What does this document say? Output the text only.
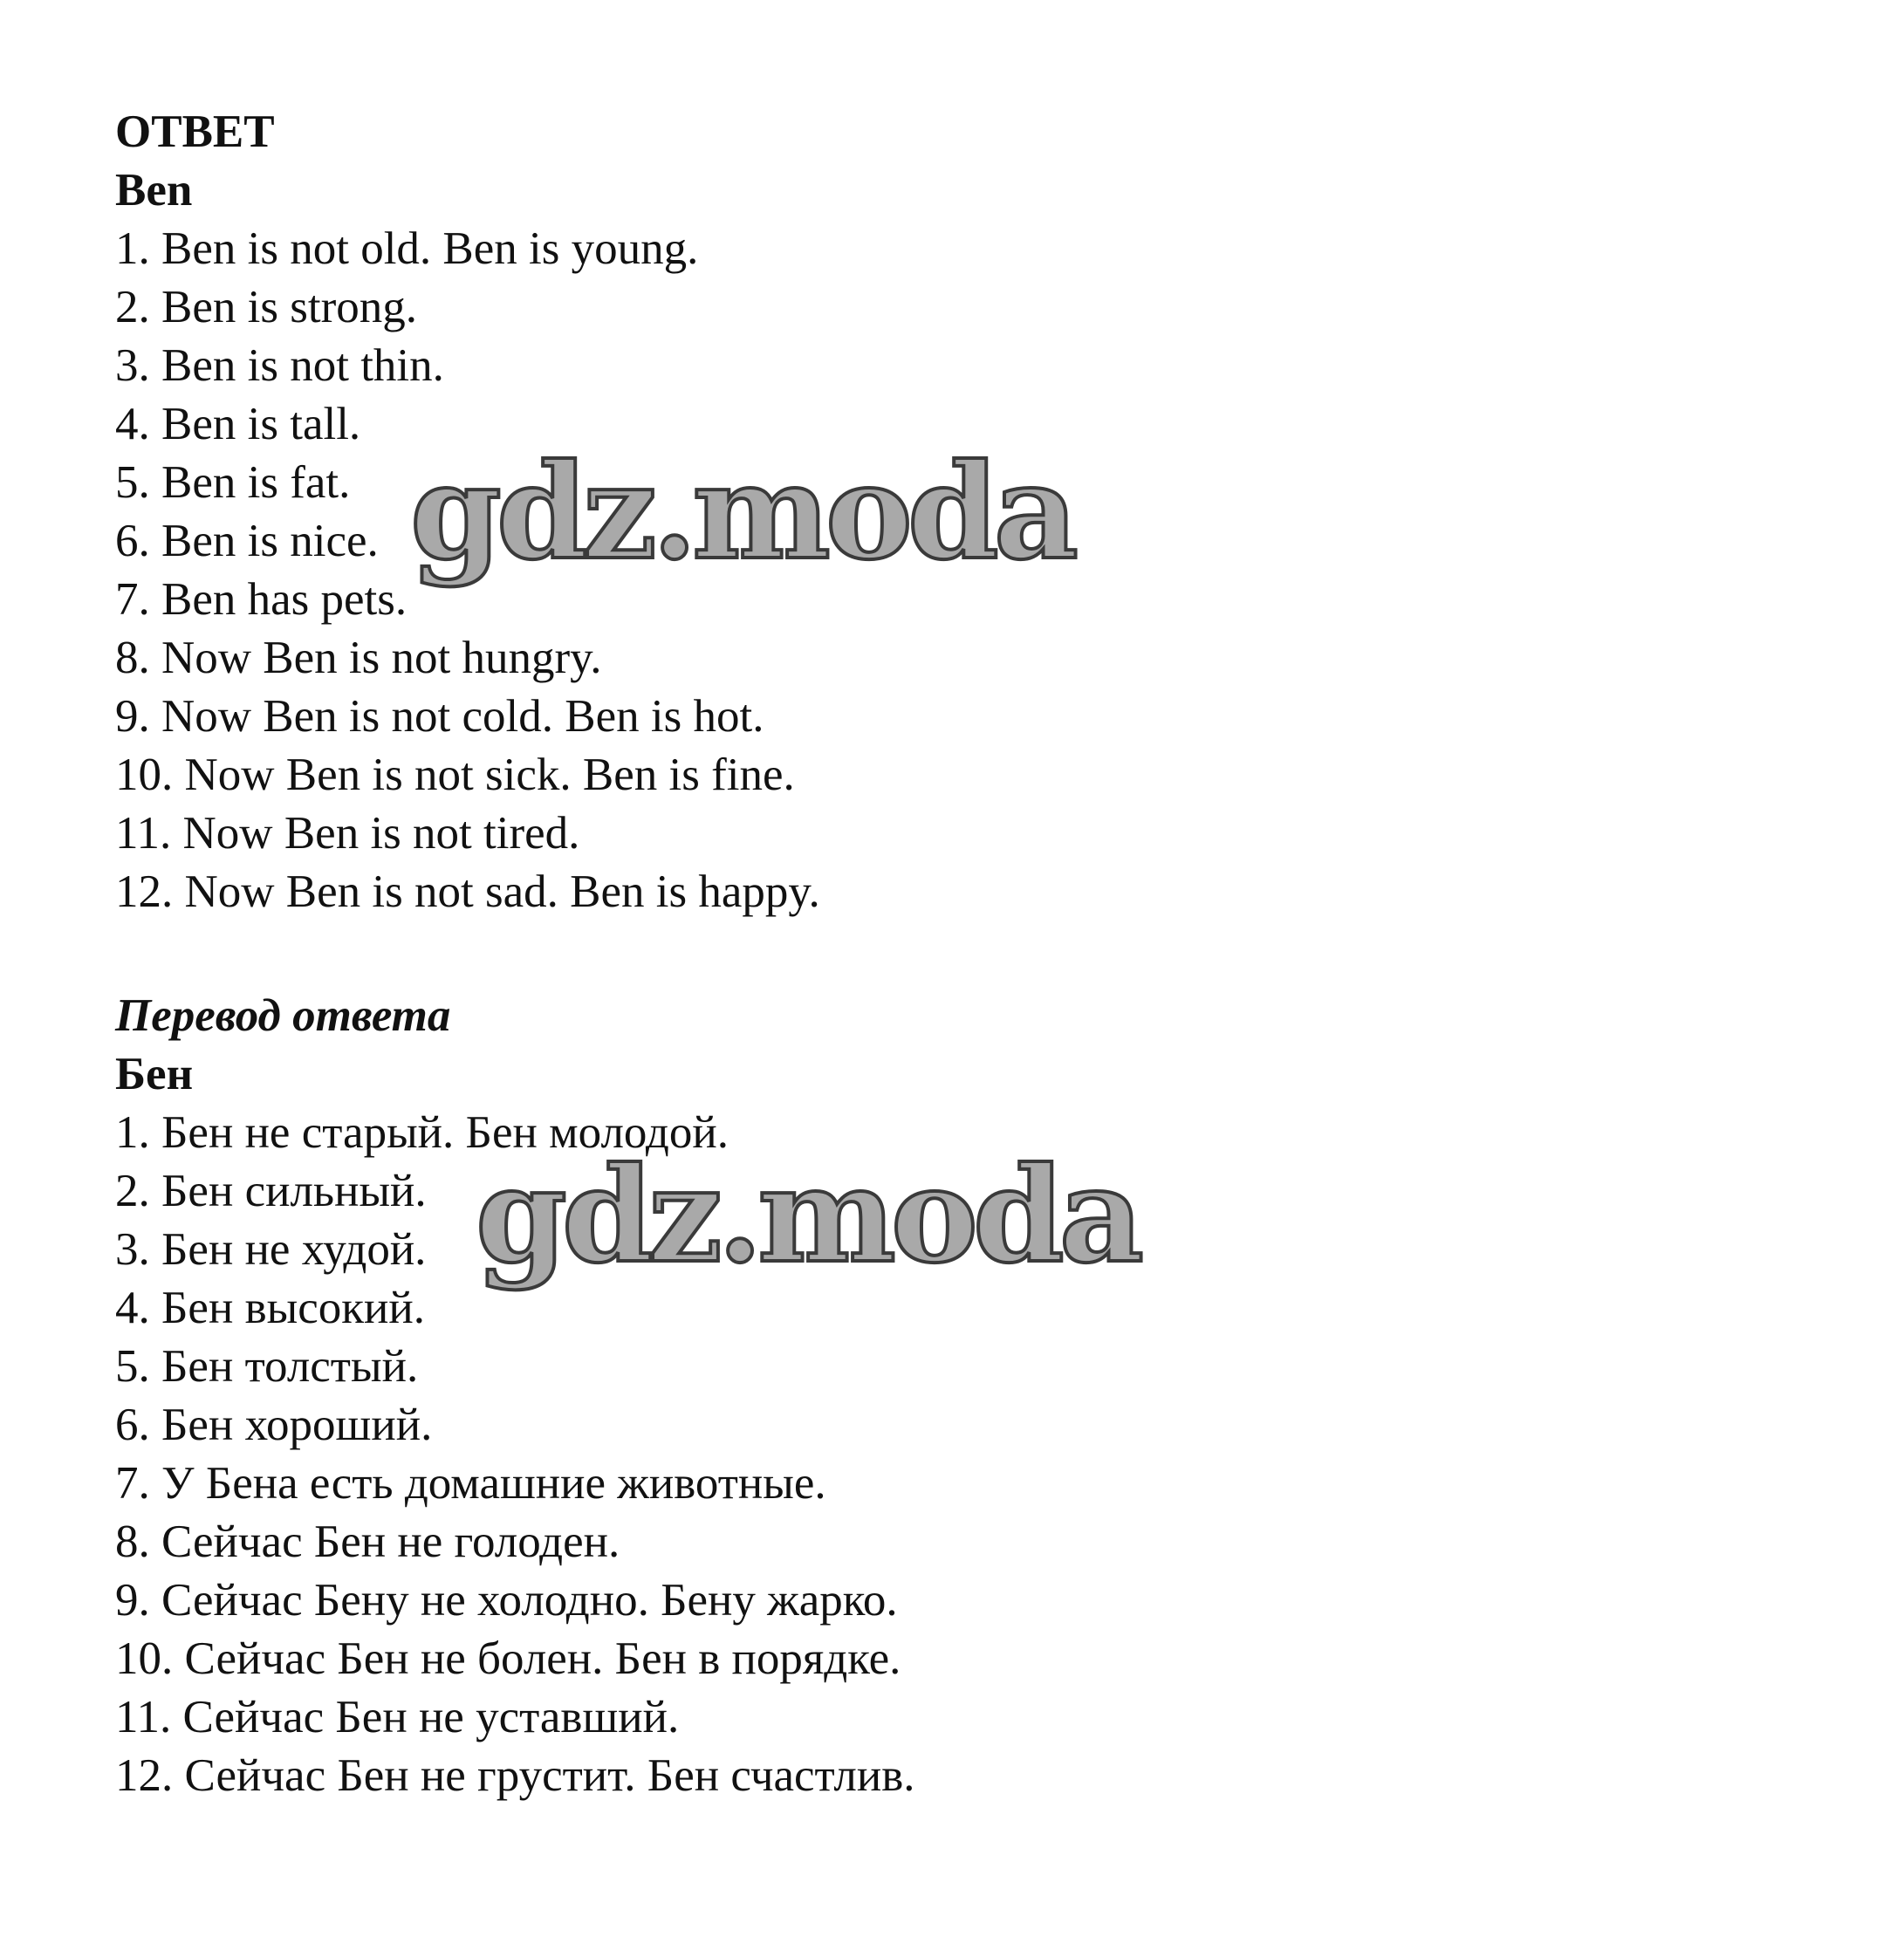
ОТВЕТ
Ben
1. Ben is not old. Ben is young.
2. Ben is strong.
3. Ben is not thin.
4. Ben is tall.
5. Ben is fat.
6. Ben is nice.
7. Ben has pets.
8. Now Ben is not hungry.
9. Now Ben is not cold. Ben is hot.
10. Now Ben is not sick. Ben is fine.
11. Now Ben is not tired.
12. Now Ben is not sad. Ben is happy.
Перевод ответа
Бен
1. Бен не старый. Бен молодой.
2. Бен сильный.
3. Бен не худой.
4. Бен высокий.
5. Бен толстый.
6. Бен хороший.
7. У Бена есть домашние животные.
8. Сейчас Бен не голоден.
9. Сейчас Бену не холодно. Бену жарко.
10. Сейчас Бен не болен. Бен в порядке.
11. Сейчас Бен не уставший.
12. Сейчас Бен не грустит. Бен счастлив.
gdz.moda
gdz.moda
